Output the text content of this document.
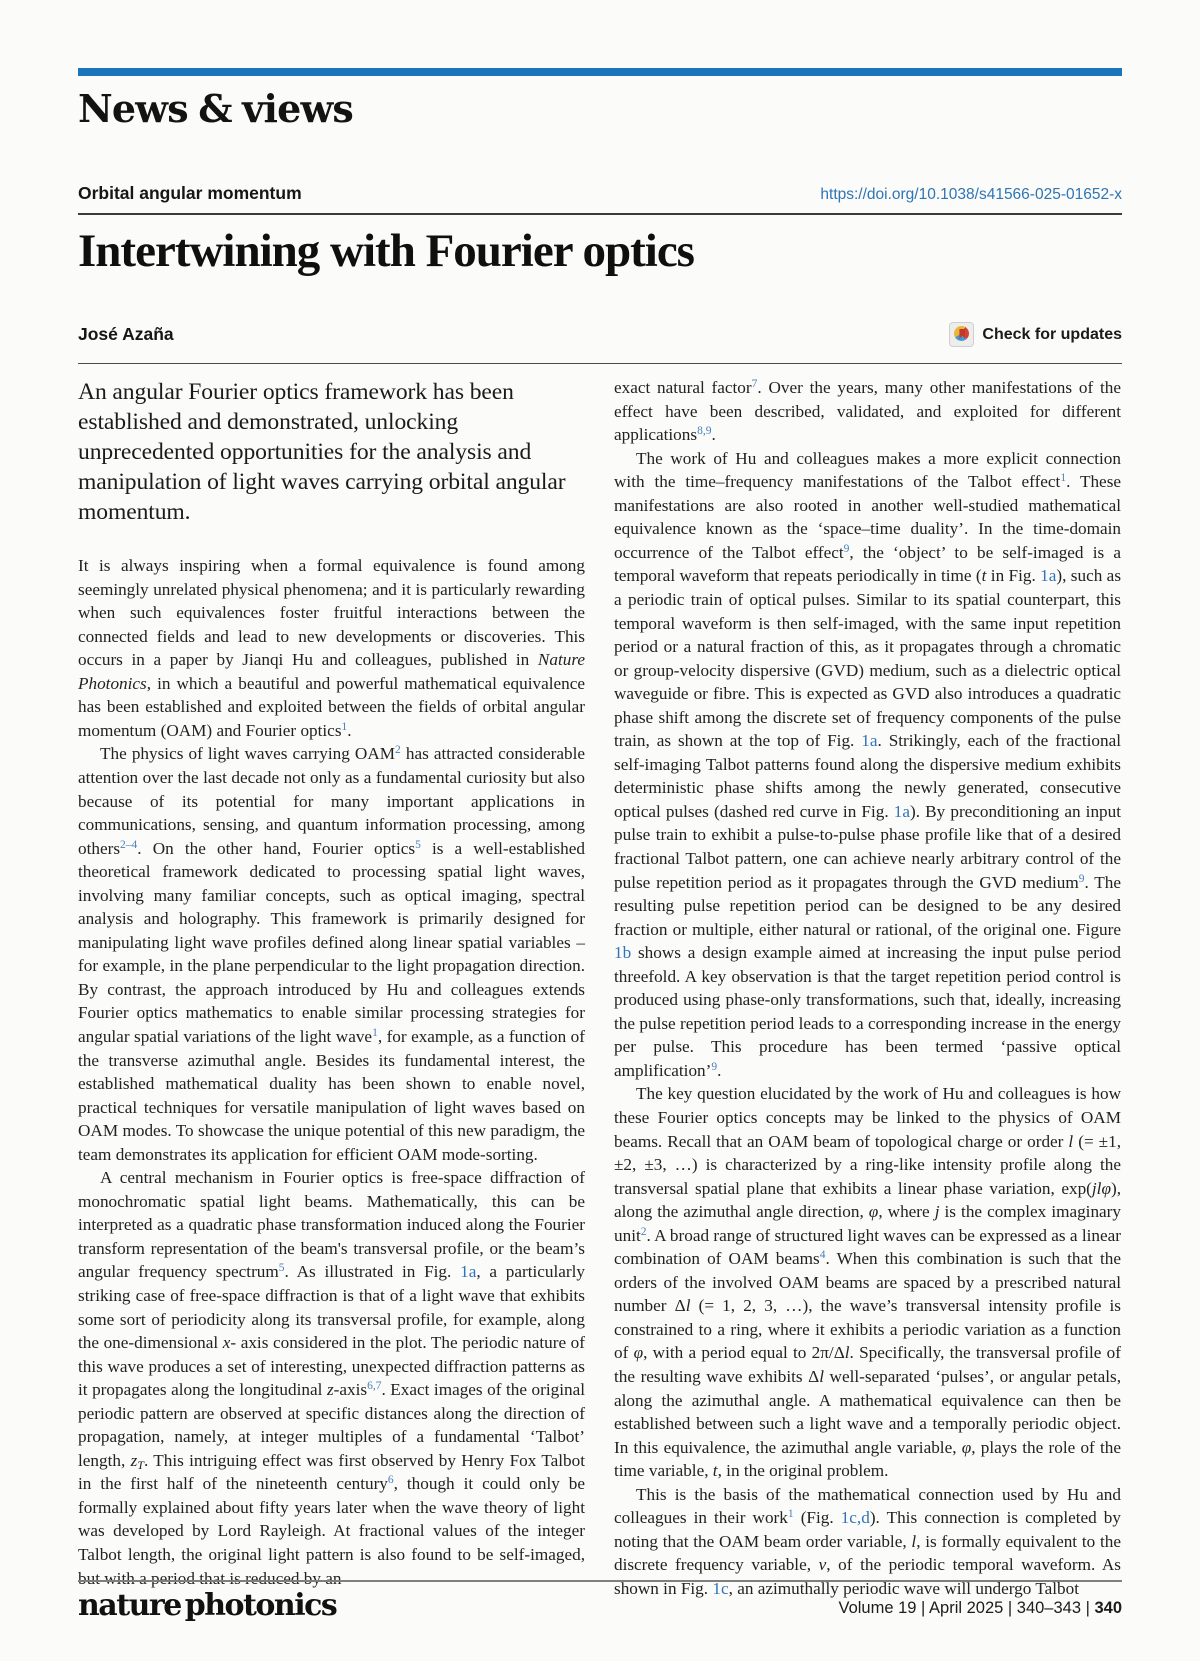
News & views
Orbital angular momentum	https://doi.org/10.1038/s41566-025-01652-x
Intertwining with Fourier optics
José Azaña	Check for updates

An angular Fourier optics framework has been established and demonstrated, unlocking unprecedented opportunities for the analysis and manipulation of light waves carrying orbital angular momentum.

It is always inspiring when a formal equivalence is found among seemingly unrelated physical phenomena; and it is particularly rewarding when such equivalences foster fruitful interactions between the connected fields and lead to new developments or discoveries. This occurs in a paper by Jianqi Hu and colleagues, published in Nature Photonics, in which a beautiful and powerful mathematical equivalence has been established and exploited between the fields of orbital angular momentum (OAM) and Fourier optics$^1$.

The physics of light waves carrying OAM$^2$ has attracted considerable attention over the last decade not only as a fundamental curiosity but also because of its potential for many important applications in communications, sensing, and quantum information processing, among others$^{2-4}$. On the other hand, Fourier optics$^5$ is a well-established theoretical framework dedicated to processing spatial light waves, involving many familiar concepts, such as optical imaging, spectral analysis and holography. This framework is primarily designed for manipulating light wave profiles defined along linear spatial variables – for example, in the plane perpendicular to the light propagation direction. By contrast, the approach introduced by Hu and colleagues extends Fourier optics mathematics to enable similar processing strategies for angular spatial variations of the light wave$^1$, for example, as a function of the transverse azimuthal angle. Besides its fundamental interest, the established mathematical duality has been shown to enable novel, practical techniques for versatile manipulation of light waves based on OAM modes. To showcase the unique potential of this new paradigm, the team demonstrates its application for efficient OAM mode-sorting.

A central mechanism in Fourier optics is free-space diffraction of monochromatic spatial light beams. Mathematically, this can be interpreted as a quadratic phase transformation induced along the Fourier transform representation of the beam's transversal profile, or the beam’s angular frequency spectrum$^5$. As illustrated in Fig. 1a, a particularly striking case of free-space diffraction is that of a light wave that exhibits some sort of periodicity along its transversal profile, for example, along the one-dimensional x- axis considered in the plot. The periodic nature of this wave produces a set of interesting, unexpected diffraction patterns as it propagates along the longitudinal z-axis$^{6,7}$. Exact images of the original periodic pattern are observed at specific distances along the direction of propagation, namely, at integer multiples of a fundamental ‘Talbot’ length, $z_T$. This intriguing effect was first observed by Henry Fox Talbot in the first half of the nineteenth century$^6$, though it could only be formally explained about fifty years later when the wave theory of light was developed by Lord Rayleigh. At fractional values of the integer Talbot length, the original light pattern is also found to be self-imaged, but with a period that is reduced by an

exact natural factor$^7$. Over the years, many other manifestations of the effect have been described, validated, and exploited for different applications$^{8,9}$.

The work of Hu and colleagues makes a more explicit connection with the time–frequency manifestations of the Talbot effect$^1$. These manifestations are also rooted in another well-studied mathematical equivalence known as the ‘space–time duality’. In the time-domain occurrence of the Talbot effect$^9$, the ‘object’ to be self-imaged is a temporal waveform that repeats periodically in time (t in Fig. 1a), such as a periodic train of optical pulses. Similar to its spatial counterpart, this temporal waveform is then self-imaged, with the same input repetition period or a natural fraction of this, as it propagates through a chromatic or group-velocity dispersive (GVD) medium, such as a dielectric optical waveguide or fibre. This is expected as GVD also introduces a quadratic phase shift among the discrete set of frequency components of the pulse train, as shown at the top of Fig. 1a. Strikingly, each of the fractional self-imaging Talbot patterns found along the dispersive medium exhibits deterministic phase shifts among the newly generated, consecutive optical pulses (dashed red curve in Fig. 1a). By preconditioning an input pulse train to exhibit a pulse-to-pulse phase profile like that of a desired fractional Talbot pattern, one can achieve nearly arbitrary control of the pulse repetition period as it propagates through the GVD medium$^9$. The resulting pulse repetition period can be designed to be any desired fraction or multiple, either natural or rational, of the original one. Figure 1b shows a design example aimed at increasing the input pulse period threefold. A key observation is that the target repetition period control is produced using phase-only transformations, such that, ideally, increasing the pulse repetition period leads to a corresponding increase in the energy per pulse. This procedure has been termed ‘passive optical amplification’$^9$.

The key question elucidated by the work of Hu and colleagues is how these Fourier optics concepts may be linked to the physics of OAM beams. Recall that an OAM beam of topological charge or order l (= ±1, ±2, ±3, …) is characterized by a ring-like intensity profile along the transversal spatial plane that exhibits a linear phase variation, exp(jlφ), along the azimuthal angle direction, φ, where j is the complex imaginary unit$^2$. A broad range of structured light waves can be expressed as a linear combination of OAM beams$^4$. When this combination is such that the orders of the involved OAM beams are spaced by a prescribed natural number Δl (= 1, 2, 3, …), the wave’s transversal intensity profile is constrained to a ring, where it exhibits a periodic variation as a function of φ, with a period equal to 2π/Δl. Specifically, the transversal profile of the resulting wave exhibits Δl well-separated ‘pulses’, or angular petals, along the azimuthal angle. A mathematical equivalence can then be established between such a light wave and a temporally periodic object. In this equivalence, the azimuthal angle variable, φ, plays the role of the time variable, t, in the original problem.

This is the basis of the mathematical connection used by Hu and colleagues in their work$^1$ (Fig. 1c,d). This connection is completed by noting that the OAM beam order variable, l, is formally equivalent to the discrete frequency variable, ν, of the periodic temporal waveform. As shown in Fig. 1c, an azimuthally periodic wave will undergo Talbot

nature photonics	Volume 19 | April 2025 | 340–343 | 340
